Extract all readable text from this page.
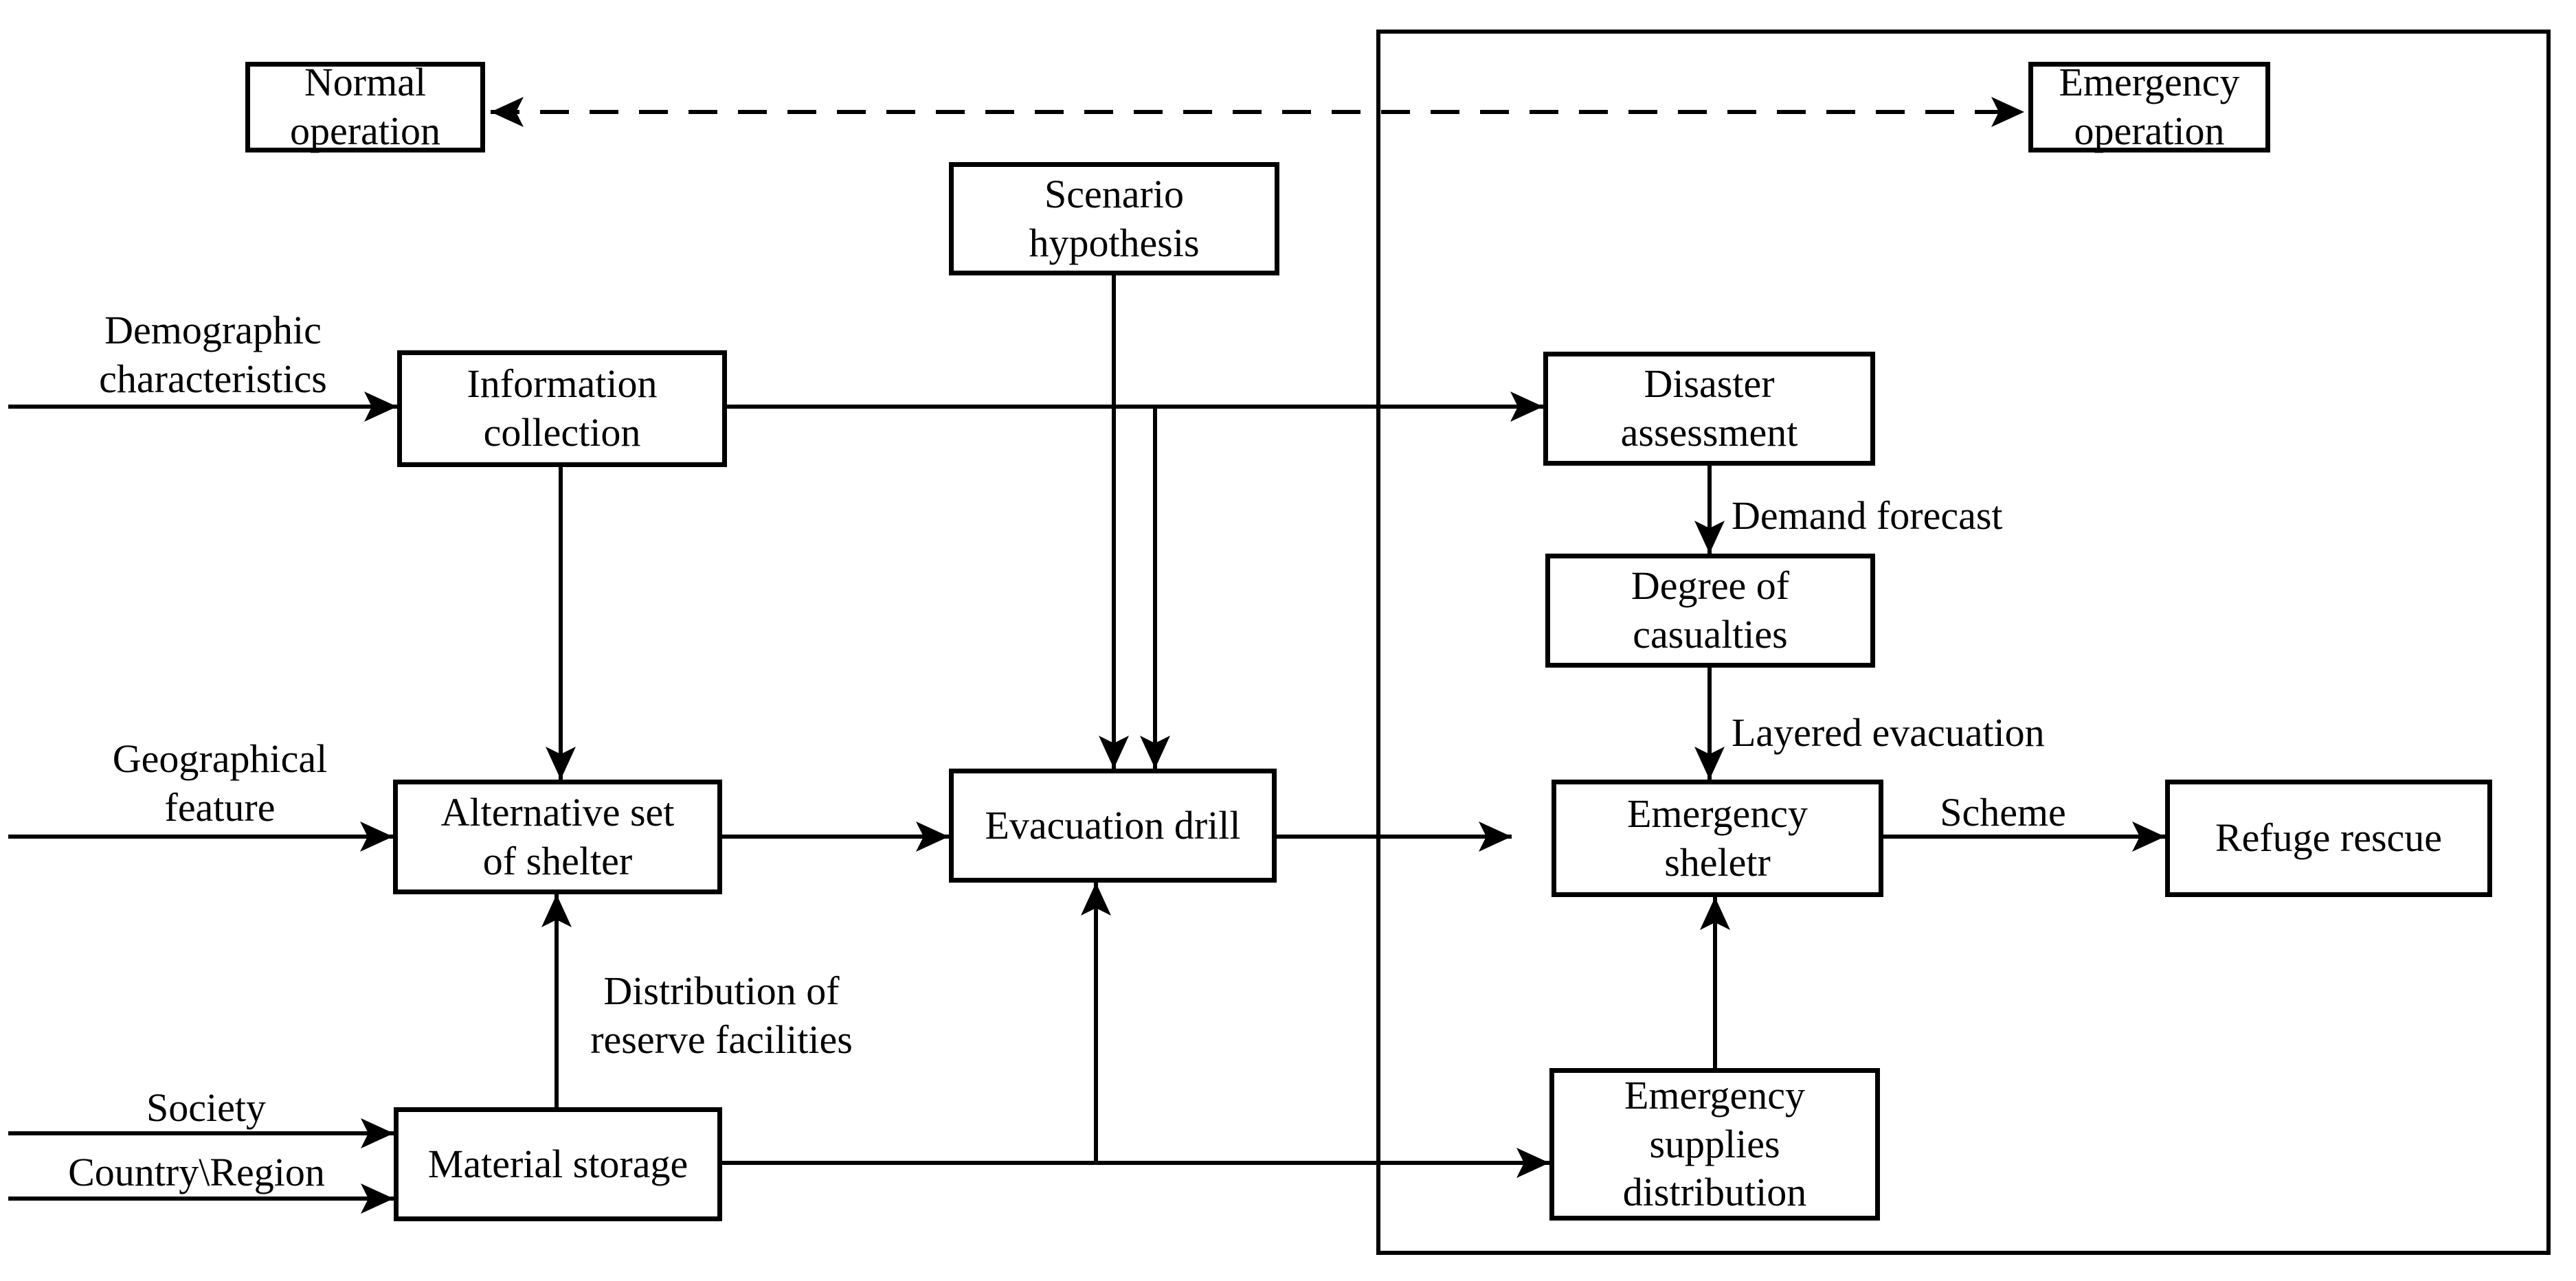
Normal
operation
Emergency
operation
Scenario
hypothesis
Information
collection
Disaster
assessment
Degree of
casualties
Alternative set
of shelter
Evacuation drill	Emergency
sheletr
Refuge rescue
Material storage
Emergency
supplies
distribution
Demographic
characteristics
Geographical
feature
Society
Country\Region
Distribution of
reserve facilities
Demand forecast
Layered evacuation
Scheme
